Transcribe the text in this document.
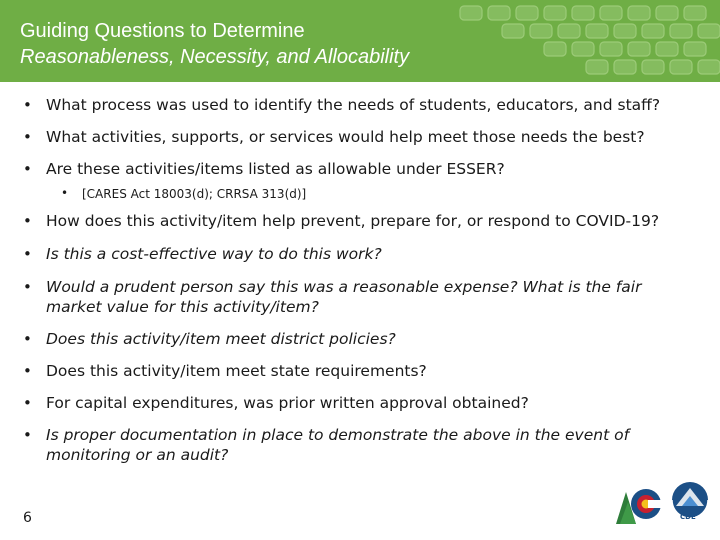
Guiding Questions to Determine
Reasonableness, Necessity, and Allocability
• What process was used to identify the needs of students, educators, and staff?
• What activities, supports, or services would help meet those needs the best?
• Are these activities/items listed as allowable under ESSER?
• [CARES Act 18003(d); CRRSA 313(d)]
• How does this activity/item help prevent, prepare for, or respond to COVID-19?
• Is this a cost-effective way to do this work?
• Would a prudent person say this was a reasonable expense? What is the fair
market value for this activity/item?
• Does this activity/item meet district policies?
• Does this activity/item meet state requirements?
• For capital expenditures, was prior written approval obtained?
• Is proper documentation in place to demonstrate the above in the event of
monitoring or an audit?
6	CDE
